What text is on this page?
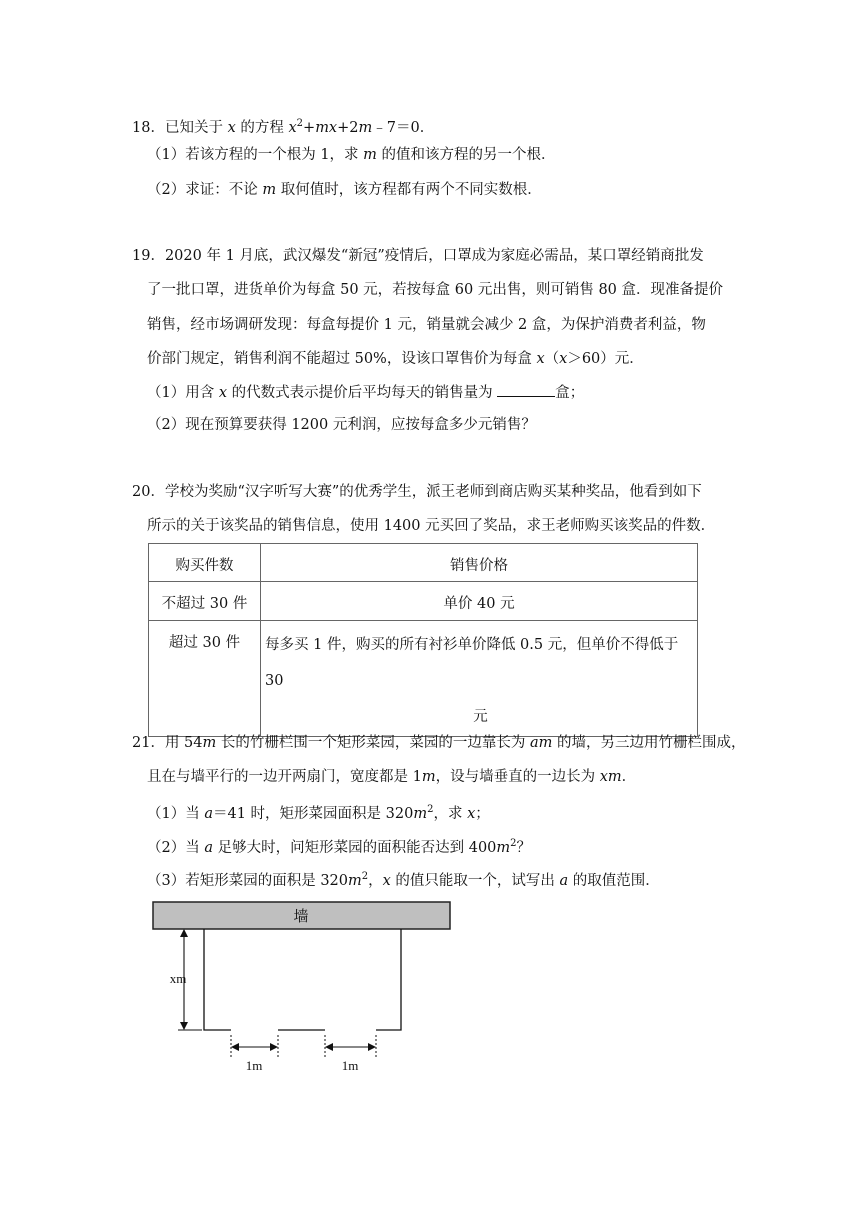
18．已知关于 x 的方程 $x^2+mx+2m﹣7=0$．
（1）若该方程的一个根为 1，求 m 的值和该方程的另一个根．
（2）求证：不论 m 取何值时，该方程都有两个不同实数根．
19．2020 年 1 月底，武汉爆发“新冠”疫情后，口罩成为家庭必需品，某口罩经销商批发
了一批口罩，进货单价为每盒 50 元，若按每盒 60 元出售，则可销售 80 盒．现准备提价
销售，经市场调研发现：每盒每提价 1 元，销量就会减少 2 盒，为保护消费者利益，物
价部门规定，销售利润不能超过 50%，设该口罩售价为每盒 x（x＞60）元．
（1）用含 x 的代数式表示提价后平均每天的销售量为	盒；
（2）现在预算要获得 1200 元利润，应按每盒多少元销售？
20．学校为奖励“汉字听写大赛”的优秀学生，派王老师到商店购买某种奖品，他看到如下
所示的关于该奖品的销售信息，使用 1400 元买回了奖品，求王老师购买该奖品的件数．
购买件数	销售价格
不超过 30 件	单价 40 元
超过 30 件	每多买 1 件，购买的所有衬衫单价降低 0.5 元，但单价不得低于 30
元
21．用 54m 长的竹栅栏围一个矩形菜园，菜园的一边靠长为 am 的墙，另三边用竹栅栏围成，
且在与墙平行的一边开两扇门，宽度都是 1m，设与墙垂直的一边长为 xm．
（1）当 a＝41 时，矩形菜园面积是 $320m^2$，求 x；
（2）当 a 足够大时，问矩形菜园的面积能否达到 $400m^2$？
（3）若矩形菜园的面积是 $320m^2$，x 的值只能取一个，试写出 a 的取值范围．
墙
xm
1m	1m
